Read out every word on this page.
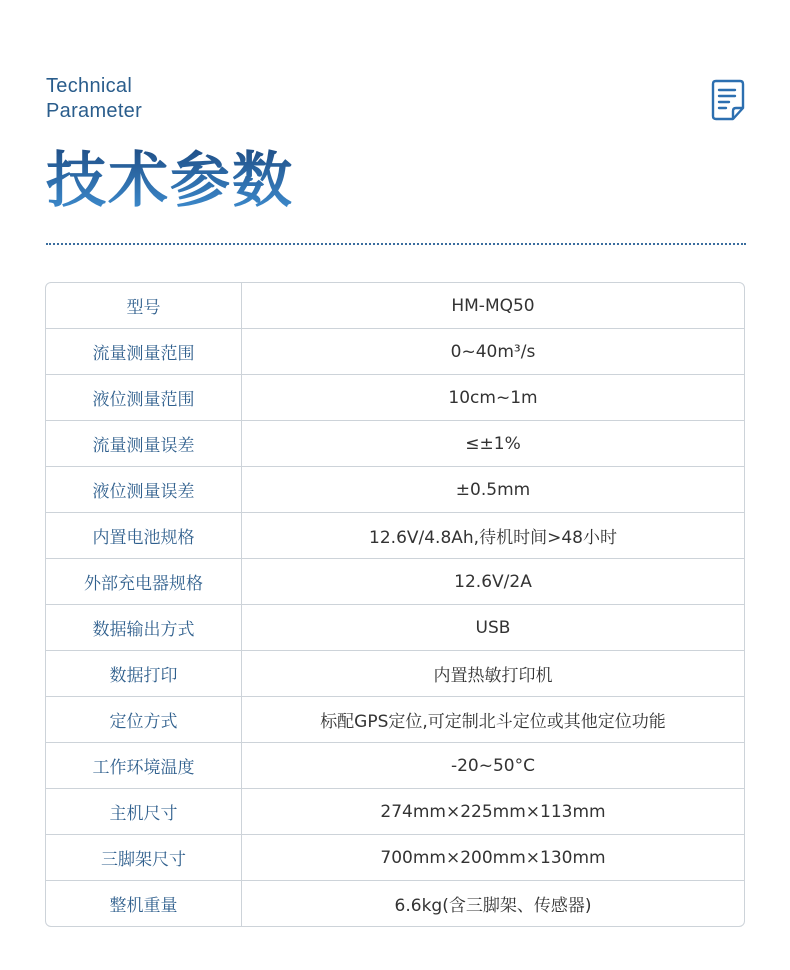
Technical
Parameter
技术参数
型号	HM-MQ50
流量测量范围	0~40m³/s
液位测量范围	10cm~1m
流量测量误差	≤±1%
液位测量误差	±0.5mm
内置电池规格	12.6V/4.8Ah,待机时间>48小时
外部充电器规格	12.6V/2A
数据输出方式	USB
数据打印	内置热敏打印机
定位方式	标配GPS定位,可定制北斗定位或其他定位功能
工作环境温度	-20~50°C
主机尺寸	274mm×225mm×113mm
三脚架尺寸	700mm×200mm×130mm
整机重量	6.6kg(含三脚架、传感器)
